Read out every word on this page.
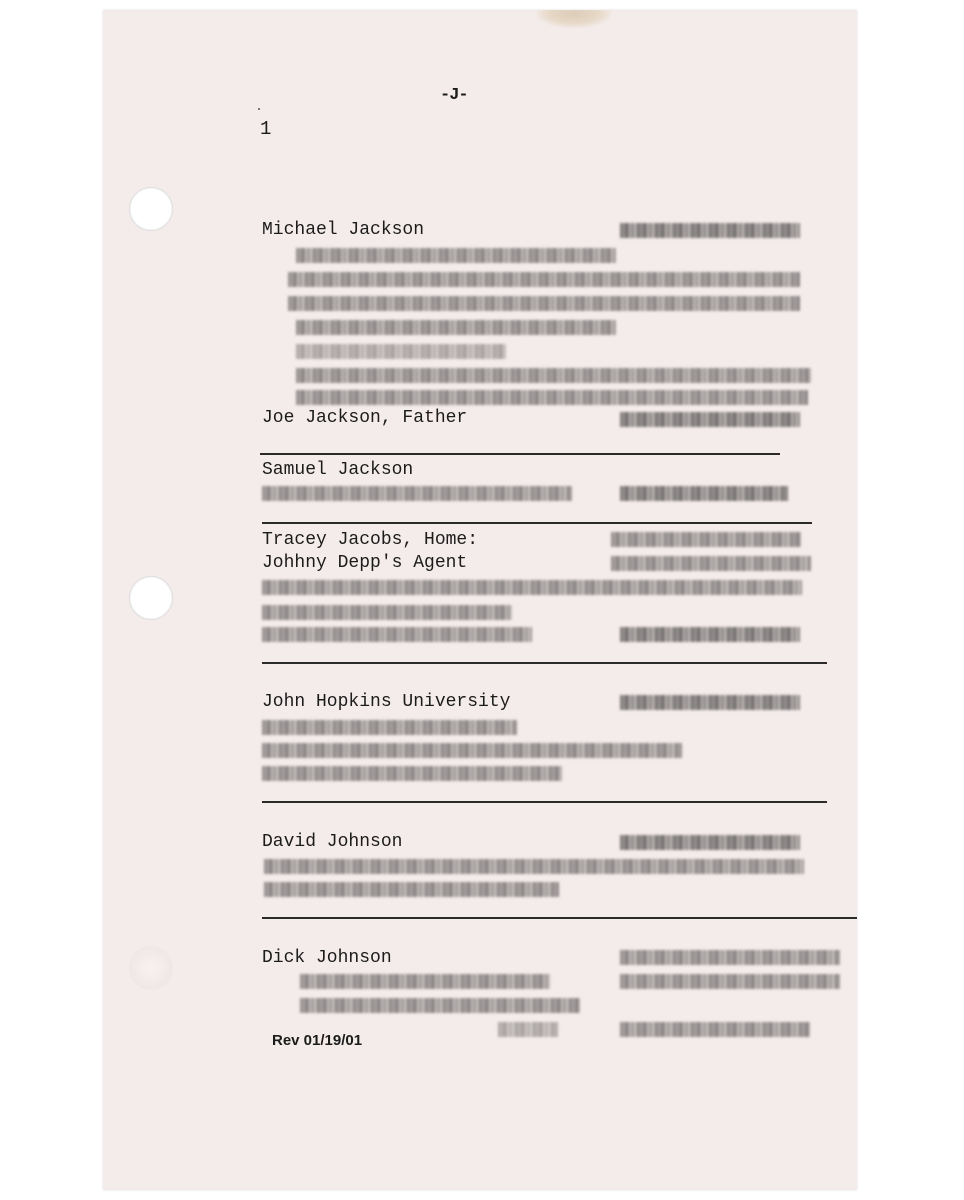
-J-
1
Michael Jackson
Joe Jackson, Father
Samuel Jackson
Tracey Jacobs, Home:
Johhny Depp's Agent
John Hopkins University
David Johnson
Dick Johnson
Rev 01/19/01
